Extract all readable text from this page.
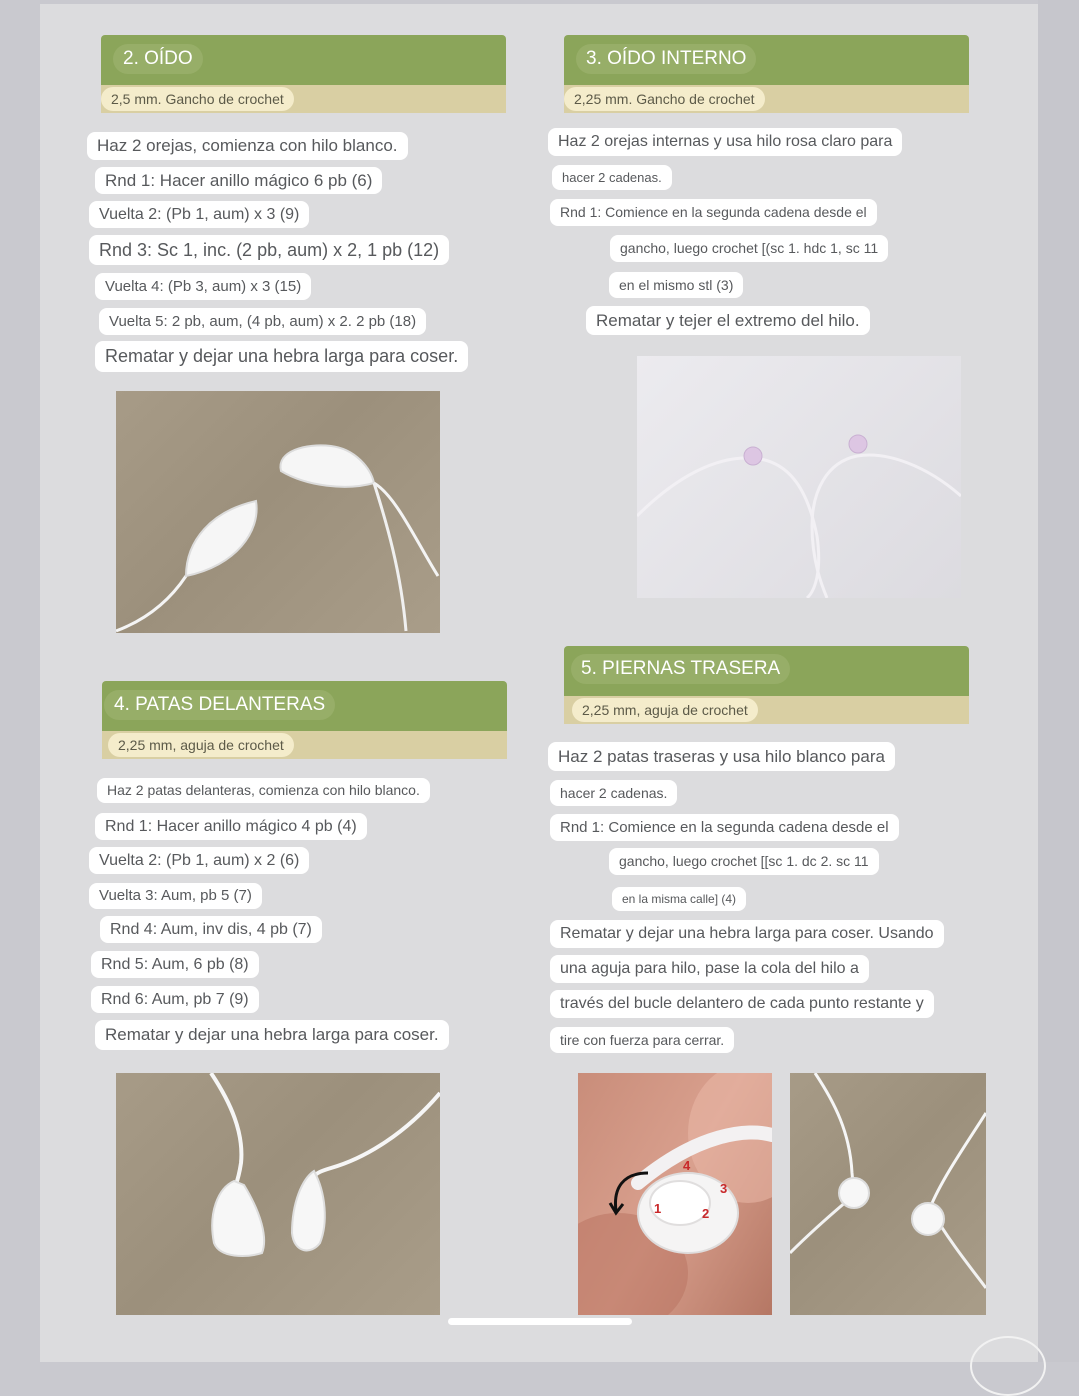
2. OÍDO
2,5 mm. Gancho de crochet
Haz 2 orejas, comienza con hilo blanco.
Rnd 1: Hacer anillo mágico 6 pb (6)
Vuelta 2: (Pb 1, aum) x 3 (9)
Rnd 3: Sc 1, inc. (2 pb, aum) x 2, 1 pb (12)
Vuelta 4: (Pb 3, aum) x 3 (15)
Vuelta 5: 2 pb, aum, (4 pb, aum) x 2. 2 pb (18)
Rematar y dejar una hebra larga para coser.
3. OÍDO INTERNO
2,25 mm. Gancho de crochet
Haz 2 orejas internas y usa hilo rosa claro para
hacer 2 cadenas.
Rnd 1: Comience en la segunda cadena desde el
gancho, luego crochet [(sc 1. hdc 1, sc 11
en el mismo stl (3)
Rematar y tejer el extremo del hilo.
4. PATAS DELANTERAS
2,25 mm, aguja de crochet
Haz 2 patas delanteras, comienza con hilo blanco.
Rnd 1: Hacer anillo mágico 4 pb (4)
Vuelta 2: (Pb 1, aum) x 2 (6)
Vuelta 3: Aum, pb 5 (7)
Rnd 4: Aum, inv dis, 4 pb (7)
Rnd 5: Aum, 6 pb (8)
Rnd 6: Aum, pb 7 (9)
Rematar y dejar una hebra larga para coser.
5. PIERNAS TRASERA
2,25 mm, aguja de crochet
Haz 2 patas traseras y usa hilo blanco para
hacer 2 cadenas.
Rnd 1: Comience en la segunda cadena desde el
gancho, luego crochet [[sc 1. dc 2. sc 11
en la misma calle] (4)
Rematar y dejar una hebra larga para coser. Usando
una aguja para hilo, pase la cola del hilo a
través del bucle delantero de cada punto restante y
tire con fuerza para cerrar.
1	2
3
4
